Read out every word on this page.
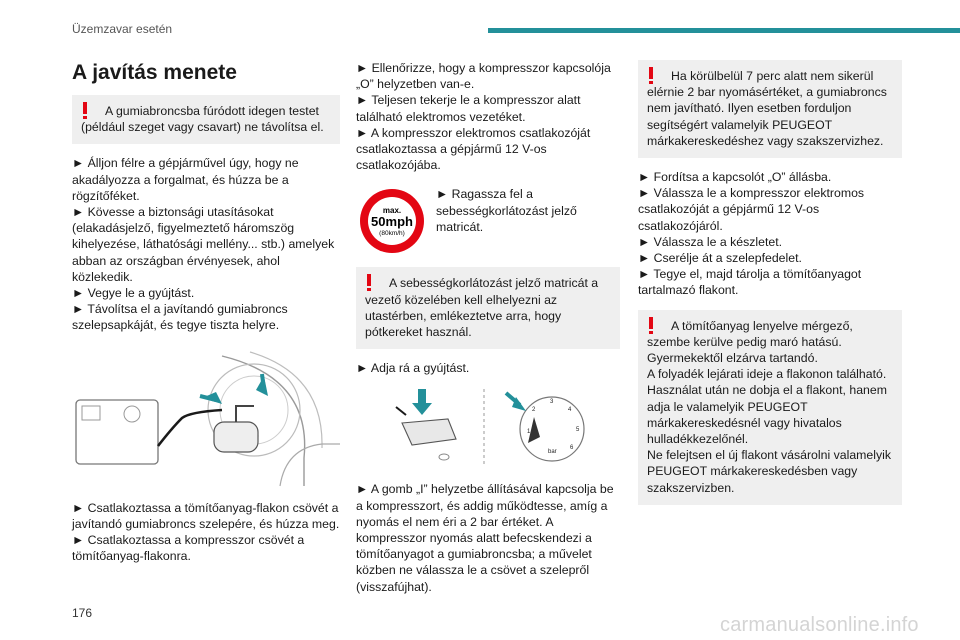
Üzemzavar esetén
A javítás menete

A gumiabroncsba fúródott idegen testet (például szeget vagy csavart) ne távolítsa el.

► Álljon félre a gépjárművel úgy, hogy ne akadályozza a forgalmat, és húzza be a rögzítőféket.
► Kövesse a biztonsági utasításokat (elakadásjelző, figyelmeztető háromszög kihelyezése, láthatósági mellény... stb.) amelyek abban az országban érvényesek, ahol közlekedik.
► Vegye le a gyújtást.
► Távolítsa el a javítandó gumiabroncs szelepsapkáját, és tegye tiszta helyre.
► Csatlakoztassa a tömítőanyag-flakon csövét a javítandó gumiabroncs szelepére, és húzza meg.
► Csatlakoztassa a kompresszor csövét a tömítőanyag-flakonra.
► Ellenőrizze, hogy a kompresszor kapcsolója „O” helyzetben van-e.
► Teljesen tekerje le a kompresszor alatt található elektromos vezetéket.
► A kompresszor elektromos csatlakozóját csatlakoztassa a gépjármű 12 V-os csatlakozójába.
max.
50mph
(80km/h)
► Ragassza fel a sebességkorlátozást jelző matricát.

A sebességkorlátozást jelző matricát a vezető közelében kell elhelyezni az utastérben, emlékeztetve arra, hogy pótkereket használ.

► Adja rá a gyújtást.
1
2
3
4
5
6
bar
► A gomb „I” helyzetbe állításával kapcsolja be a kompresszort, és addig működtesse, amíg a nyomás el nem éri a 2 bar értéket. A kompresszor nyomás alatt befecskendezi a tömítőanyagot a gumiabroncsba; a művelet közben ne válassza le a csövet a szelepről (visszafújhat).

Ha körülbelül 7 perc alatt nem sikerül elérnie 2 bar nyomásértéket, a gumiabroncs nem javítható. Ilyen esetben forduljon segítségért valamelyik PEUGEOT márkakereskedéshez vagy szakszervizhez.

► Fordítsa a kapcsolót „O” állásba.
► Válassza le a kompresszor elektromos csatlakozóját a gépjármű 12 V-os csatlakozójáról.
► Válassza le a készletet.
► Cserélje át a szelepfedelet.
► Tegye el, majd tárolja a tömítőanyagot tartalmazó flakont.

A tömítőanyag lenyelve mérgező, szembe kerülve pedig maró hatású.

Gyermekektől elzárva tartandó.
A folyadék lejárati ideje a flakonon található.
Használat után ne dobja el a flakont, hanem adja le valamelyik PEUGEOT márkakereskedésnél vagy hivatalos hulladékkezelőnél.
Ne felejtsen el új flakont vásárolni valamelyik PEUGEOT márkakereskedésben vagy szakszervizben.
176
carmanualsonline.info
